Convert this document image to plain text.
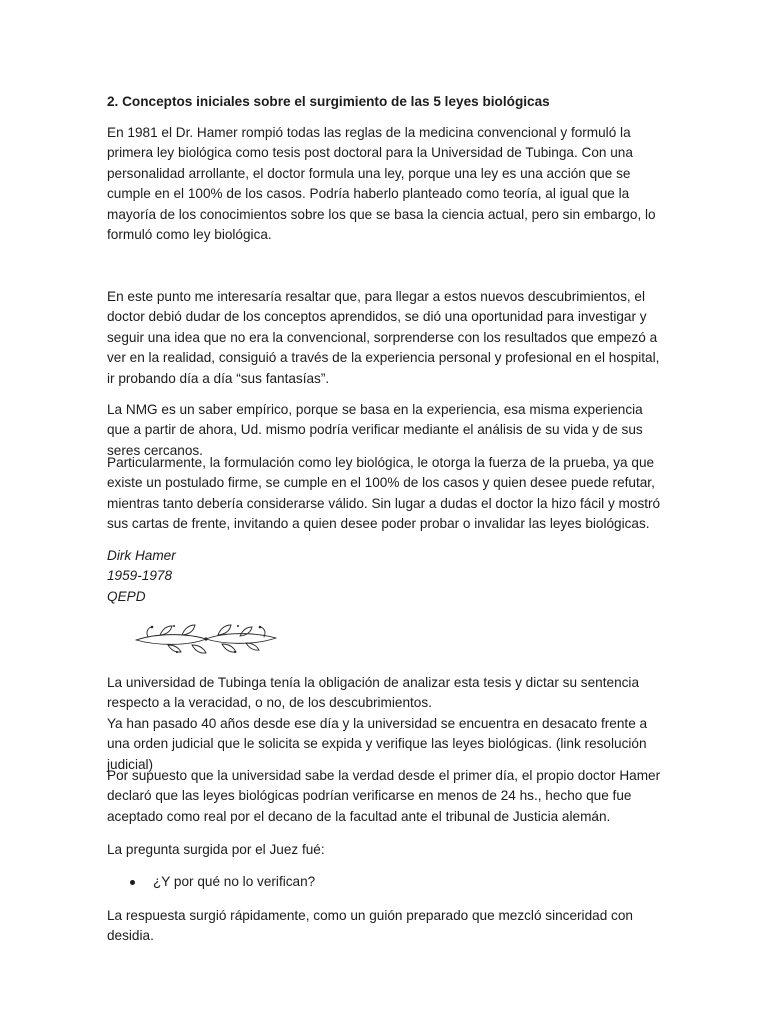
2. Conceptos iniciales sobre el surgimiento de las 5 leyes biológicas

En 1981 el Dr. Hamer rompió todas las reglas de la medicina convencional y formuló la primera ley biológica como tesis post doctoral para la Universidad de Tubinga. Con una personalidad arrollante, el doctor formula una ley, porque una ley es una acción que se cumple en el 100% de los casos. Podría haberlo planteado como teoría, al igual que la mayoría de los conocimientos sobre los que se basa la ciencia actual, pero sin embargo, lo formuló como ley biológica.

En este punto me interesaría resaltar que, para llegar a estos nuevos descubrimientos, el doctor debió dudar de los conceptos aprendidos, se dió una oportunidad para investigar y seguir una idea que no era la convencional, sorprenderse con los resultados que empezó a ver en la realidad, consiguió a través de la experiencia personal y profesional en el hospital, ir probando día a día “sus fantasías”.

La NMG es un saber empírico, porque se basa en la experiencia, esa misma experiencia que a partir de ahora, Ud. mismo podría verificar mediante el análisis de su vida y de sus seres cercanos.

Particularmente, la formulación como ley biológica, le otorga la fuerza de la prueba, ya que existe un postulado firme, se cumple en el 100% de los casos y quien desee puede refutar, mientras tanto debería considerarse válido. Sin lugar a dudas el doctor la hizo fácil y mostró sus cartas de frente, invitando a quien desee poder probar o invalidar las leyes biológicas.

Dirk Hamer
1959-1978
QEPD

La universidad de Tubinga tenía la obligación de analizar esta tesis y dictar su sentencia respecto a la veracidad, o no, de los descubrimientos.

Ya han pasado 40 años desde ese día y la universidad se encuentra en desacato frente a una orden judicial que le solicita se expida y verifique las leyes biológicas. (link resolución judicial)

Por supuesto que la universidad sabe la verdad desde el primer día, el propio doctor Hamer declaró que las leyes biológicas podrían verificarse en menos de 24 hs., hecho que fue aceptado como real por el decano de la facultad ante el tribunal de Justicia alemán.

La pregunta surgida por el Juez fué:

¿Y por qué no lo verifican?

La respuesta surgió rápidamente, como un guión preparado que mezcló sinceridad con desidia.
